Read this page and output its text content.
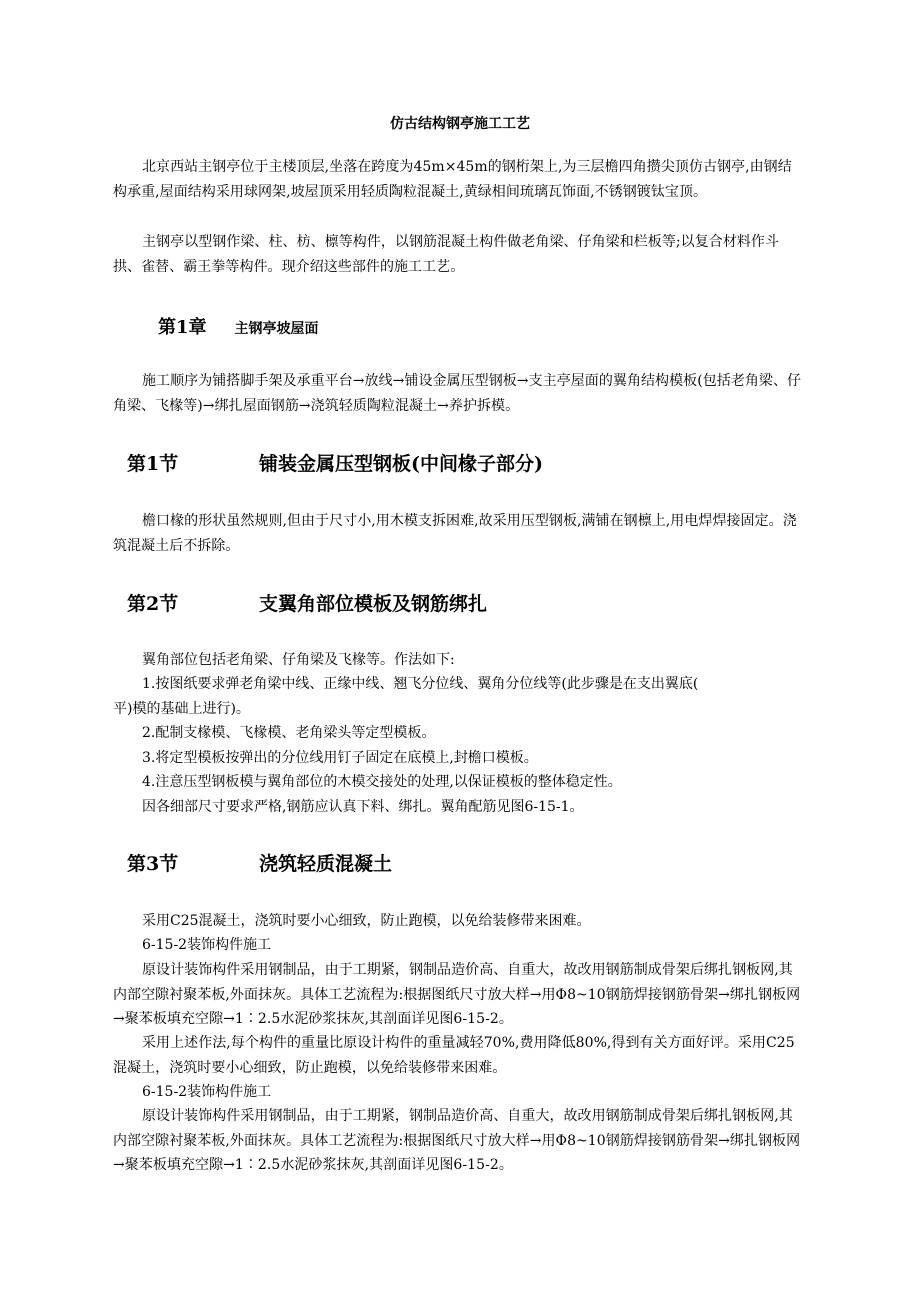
仿古结构钢亭施工工艺

北京西站主钢亭位于主楼顶层,坐落在跨度为45m×45m的钢桁架上,为三层檐四角攒尖顶仿古钢亭,由钢结构承重,屋面结构采用球网架,坡屋顶采用轻质陶粒混凝土,黄绿相间琉璃瓦饰面,不锈钢镀钛宝顶。

主钢亭以型钢作梁、柱、枋、檩等构件，以钢筋混凝土构件做老角梁、仔角梁和栏板等;以复合材料作斗拱、雀替、霸王拳等构件。现介绍这些部件的施工工艺。

第1章 主钢亭坡屋面

施工顺序为铺搭脚手架及承重平台→放线→铺设金属压型钢板→支主亭屋面的翼角结构模板(包括老角梁、仔角梁、飞椽等)→绑扎屋面钢筋→浇筑轻质陶粒混凝土→养护拆模。

第1节	铺装金属压型钢板(中间椽子部分)

檐口椽的形状虽然规则,但由于尺寸小,用木模支拆困难,故采用压型钢板,满铺在钢檩上,用电焊焊接固定。浇筑混凝土后不拆除。

第2节	支翼角部位模板及钢筋绑扎
翼角部位包括老角梁、仔角梁及飞椽等。作法如下:
1.按图纸要求弹老角梁中线、正缘中线、翘飞分位线、翼角分位线等(此步骤是在支出翼底(
平)模的基础上进行)。
2.配制支椽模、飞椽模、老角梁头等定型模板。
3.将定型模板按弹出的分位线用钉子固定在底模上,封檐口模板。
4.注意压型钢板模与翼角部位的木模交接处的处理,以保证模板的整体稳定性。
因各细部尺寸要求严格,钢筋应认真下料、绑扎。翼角配筋见图6-15-1。
第3节	浇筑轻质混凝土
采用C25混凝土，浇筑时要小心细致，防止跑模，以免给装修带来困难。
6-15-2装饰构件施工

原设计装饰构件采用钢制品，由于工期紧，钢制品造价高、自重大，故改用钢筋制成骨架后绑扎钢板网,其内部空隙衬聚苯板,外面抹灰。具体工艺流程为:根据图纸尺寸放大样→用Φ8~10钢筋焊接钢筋骨架→绑扎钢板网→聚苯板填充空隙→1∶2.5水泥砂浆抹灰,其剖面详见图6-15-2。

采用上述作法,每个构件的重量比原设计构件的重量减轻70%,费用降低80%,得到有关方面好评。采用C25混凝土，浇筑时要小心细致，防止跑模，以免给装修带来困难。

6-15-2装饰构件施工

原设计装饰构件采用钢制品，由于工期紧，钢制品造价高、自重大，故改用钢筋制成骨架后绑扎钢板网,其内部空隙衬聚苯板,外面抹灰。具体工艺流程为:根据图纸尺寸放大样→用Φ8~10钢筋焊接钢筋骨架→绑扎钢板网→聚苯板填充空隙→1∶2.5水泥砂浆抹灰,其剖面详见图6-15-2。
